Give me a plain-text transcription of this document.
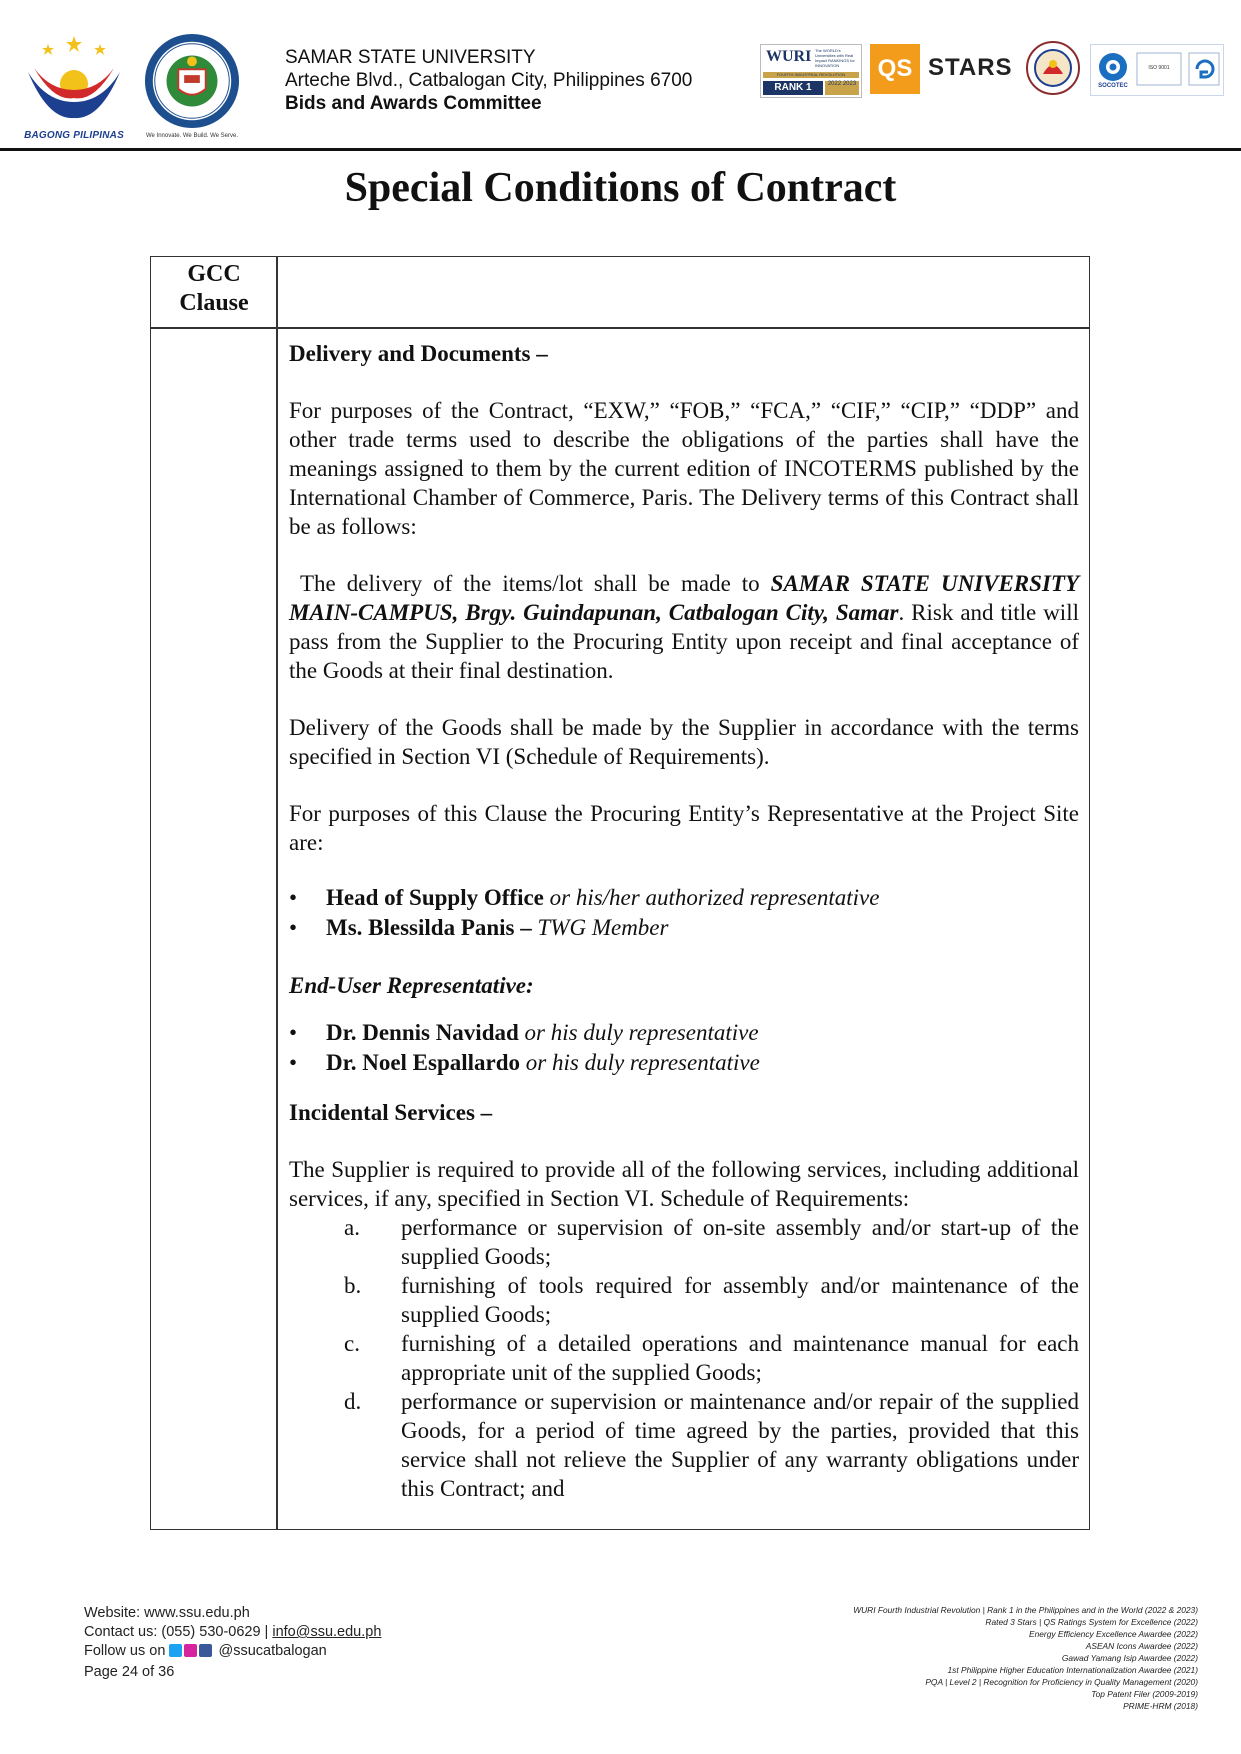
BAGONG PILIPINAS	We Innovate. We Build. We Serve.
SAMAR STATE UNIVERSITY
Arteche Blvd., Catbalogan City, Philippines 6700
Bids and Awards Committee
WURI The WORLD's Universities with Real Impact RANKINGS for INNOVATION
FOURTH INDUSTRIAL REVOLUTION
RANK 1	2022 2023
QS STARS
SOCOTEC
ISO 9001
Special Conditions of Contract
GCC Clause

Delivery and Documents –

For purposes of the Contract, “EXW,” “FOB,” “FCA,” “CIF,” “CIP,” “DDP” and other trade terms used to describe the obligations of the parties shall have the meanings assigned to them by the current edition of INCOTERMS published by the International Chamber of Commerce, Paris. The Delivery terms of this Contract shall be as follows:

The delivery of the items/lot shall be made to SAMAR STATE UNIVERSITY MAIN-CAMPUS, Brgy. Guindapunan, Catbalogan City, Samar. Risk and title will pass from the Supplier to the Procuring Entity upon receipt and final acceptance of the Goods at their final destination.

Delivery of the Goods shall be made by the Supplier in accordance with the terms specified in Section VI (Schedule of Requirements).

For purposes of this Clause the Procuring Entity’s Representative at the Project Site are:

• Head of Supply Office or his/her authorized representative
• Ms. Blessilda Panis – TWG Member

End-User Representative:

• Dr. Dennis Navidad or his duly representative
• Dr. Noel Espallardo or his duly representative

Incidental Services –

The Supplier is required to provide all of the following services, including additional services, if any, specified in Section VI. Schedule of Requirements:

a. performance or supervision of on-site assembly and/or start-up of the supplied Goods;
b. furnishing of tools required for assembly and/or maintenance of the supplied Goods;
c. furnishing of a detailed operations and maintenance manual for each appropriate unit of the supplied Goods;
d. performance or supervision or maintenance and/or repair of the supplied Goods, for a period of time agreed by the parties, provided that this service shall not relieve the Supplier of any warranty obligations under this Contract; and
Website: www.ssu.edu.ph
Contact us: (055) 530-0629 | info@ssu.edu.ph
Follow us on	@ssucatbalogan
Page 24 of 36
WURI Fourth Industrial Revolution | Rank 1 in the Philippines and in the World (2022 & 2023)
Rated 3 Stars | QS Ratings System for Excellence (2022)
Energy Efficiency Excellence Awardee (2022)
ASEAN Icons Awardee (2022)
Gawad Yamang Isip Awardee (2022)
1st Philippine Higher Education Internationalization Awardee (2021)
PQA | Level 2 | Recognition for Proficiency in Quality Management (2020)
Top Patent Filer (2009-2019)
PRIME-HRM (2018)
